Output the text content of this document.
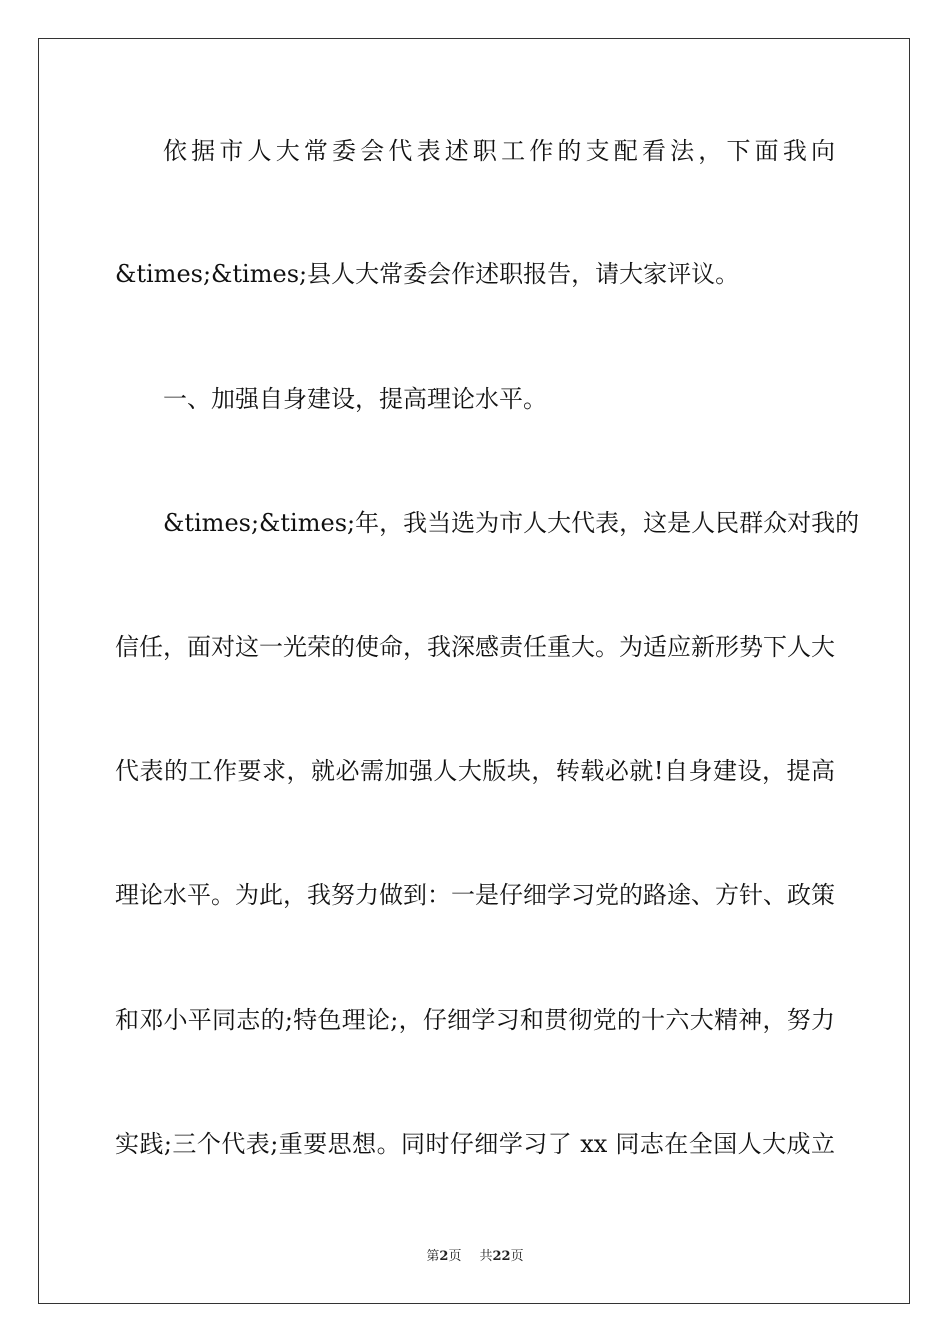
依据市人大常委会代表述职工作的支配看法，下面我向
&times;&times;县人大常委会作述职报告，请大家评议。
一、加强自身建设，提高理论水平。
&times;&times;年，我当选为市人大代表，这是人民群众对我的
信任，面对这一光荣的使命，我深感责任重大。为适应新形势下人大
代表的工作要求，就必需加强人大版块，转载必就!自身建设，提高
理论水平。为此，我努力做到：一是仔细学习党的路途、方针、政策
和邓小平同志的;特色理论;，仔细学习和贯彻党的十六大精神，努力
实践;三个代表;重要思想。同时仔细学习了 xx 同志在全国人大成立
第2页 共22页
